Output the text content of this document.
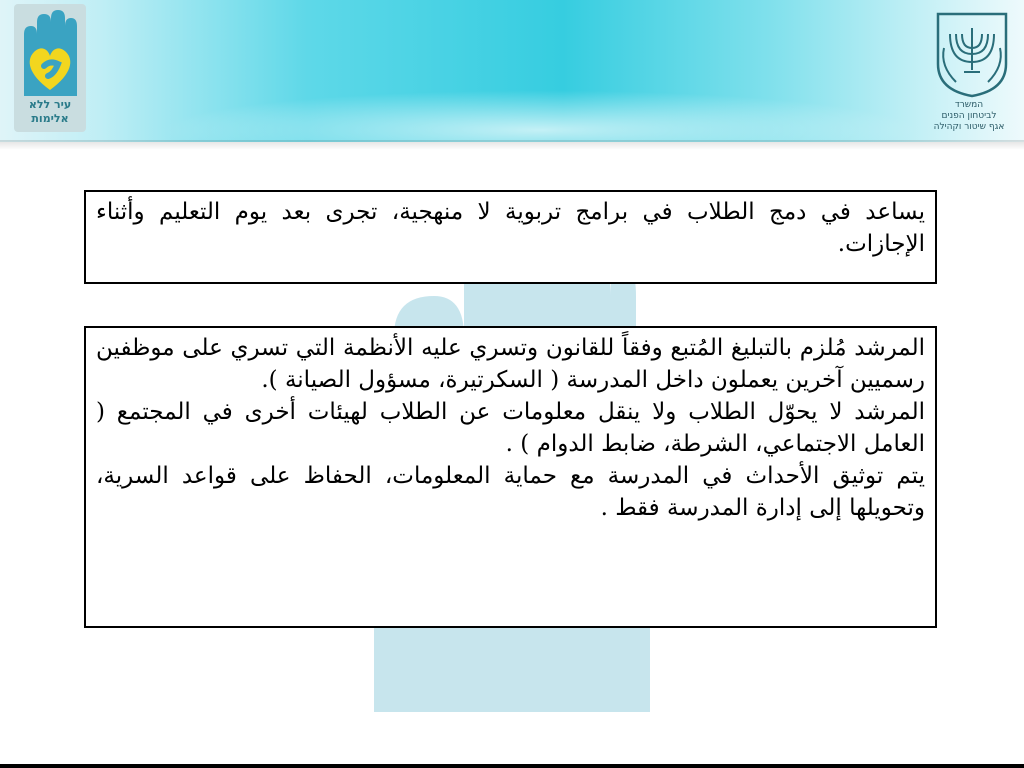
עיר ללא
אלימות
המשרד
לביטחון הפנים
אגף שיטור וקהילה

يساعد في دمج الطلاب في برامج تربوية لا منهجية، تجرى بعد يوم التعليم وأثناء الإجازات.

المرشد مُلزم بالتبليغ المُتبع وفقاً للقانون وتسري عليه الأنظمة التي تسري على موظفين رسميين آخرين يعملون داخل المدرسة ( السكرتيرة، مسؤول الصيانة ).

المرشد لا يحوّل الطلاب ولا ينقل معلومات عن الطلاب لهيئات أخرى في المجتمع ( العامل الاجتماعي، الشرطة، ضابط الدوام ) .

يتم توثيق الأحداث في المدرسة مع حماية المعلومات، الحفاظ على قواعد السرية، وتحويلها إلى إدارة المدرسة فقط .
